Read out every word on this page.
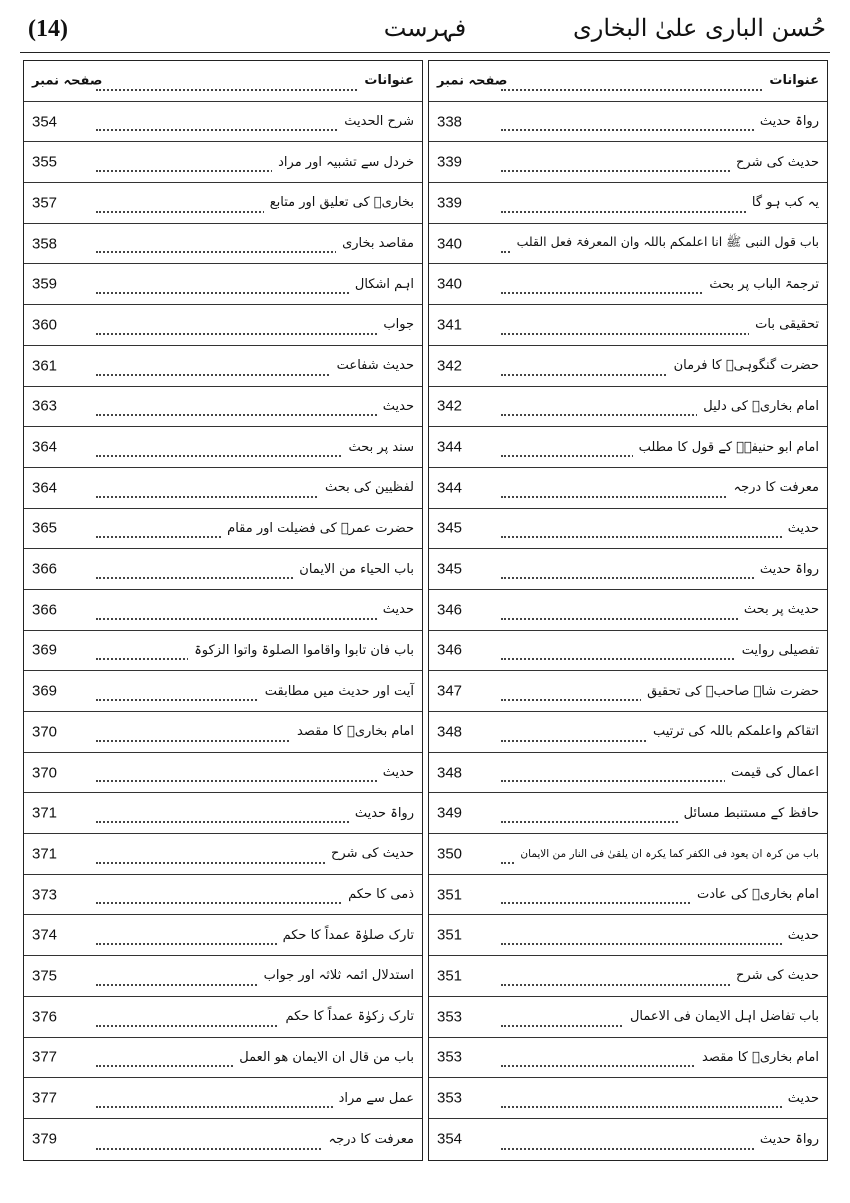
(14)	فہرست	حُسن الباری علیٰ البخاری
عنوانات
صفحہ نمبر
رواۃ حدیث
338
حدیث کی شرح
339
یہ کب ہو گا
339
باب قول النبی ﷺ انا اعلمکم باللہ وان المعرفۃ فعل القلب
340
ترجمۃ الباب پر بحث
340
تحقیقی بات
341
حضرت گنگوہیؒ کا فرمان
342
امام بخاریؒ کی دلیل
342
امام ابو حنیفہؒ کے قول کا مطلب
344
معرفت کا درجہ
344
حدیث
345
رواۃ حدیث
345
حدیث پر بحث
346
تفصیلی روایت
346
حضرت شاہ صاحبؒ کی تحقیق
347
اتقاکم واعلمکم باللہ کی ترتیب
348
اعمال کی قیمت
348
حافظ کے مستنبط مسائل
349
باب من کرہ ان یعود فی الکفر کما یکرہ ان یلقیٰ فی النار من الایمان
350
امام بخاریؒ کی عادت
351
حدیث
351
حدیث کی شرح
351
باب تفاضل اہل الایمان فی الاعمال
353
امام بخاریؒ کا مقصد
353
حدیث
353
رواۃ حدیث
354
عنوانات
صفحہ نمبر
شرح الحدیث
354
خردل سے تشبیہ اور مراد
355
بخاریؒ کی تعلیق اور متابع
357
مقاصد بخاری
358
اہم اشکال
359
جواب
360
حدیث شفاعت
361
حدیث
363
سند پر بحث
364
لفظیین کی بحث
364
حضرت عمرؓ کی فضیلت اور مقام
365
باب الحیاء من الایمان
366
حدیث
366
باب فان تابوا واقاموا الصلوۃ واتوا الزکوۃ
369
آیت اور حدیث میں مطابقت
369
امام بخاریؒ کا مقصد
370
حدیث
370
رواۃ حدیث
371
حدیث کی شرح
371
ذمی کا حکم
373
تارک صلوٰۃ عمداً کا حکم
374
استدلال ائمہ ثلاثہ اور جواب
375
تارک زکوٰۃ عمداً کا حکم
376
باب من قال ان الایمان ھو العمل
377
عمل سے مراد
377
معرفت کا درجہ
379
